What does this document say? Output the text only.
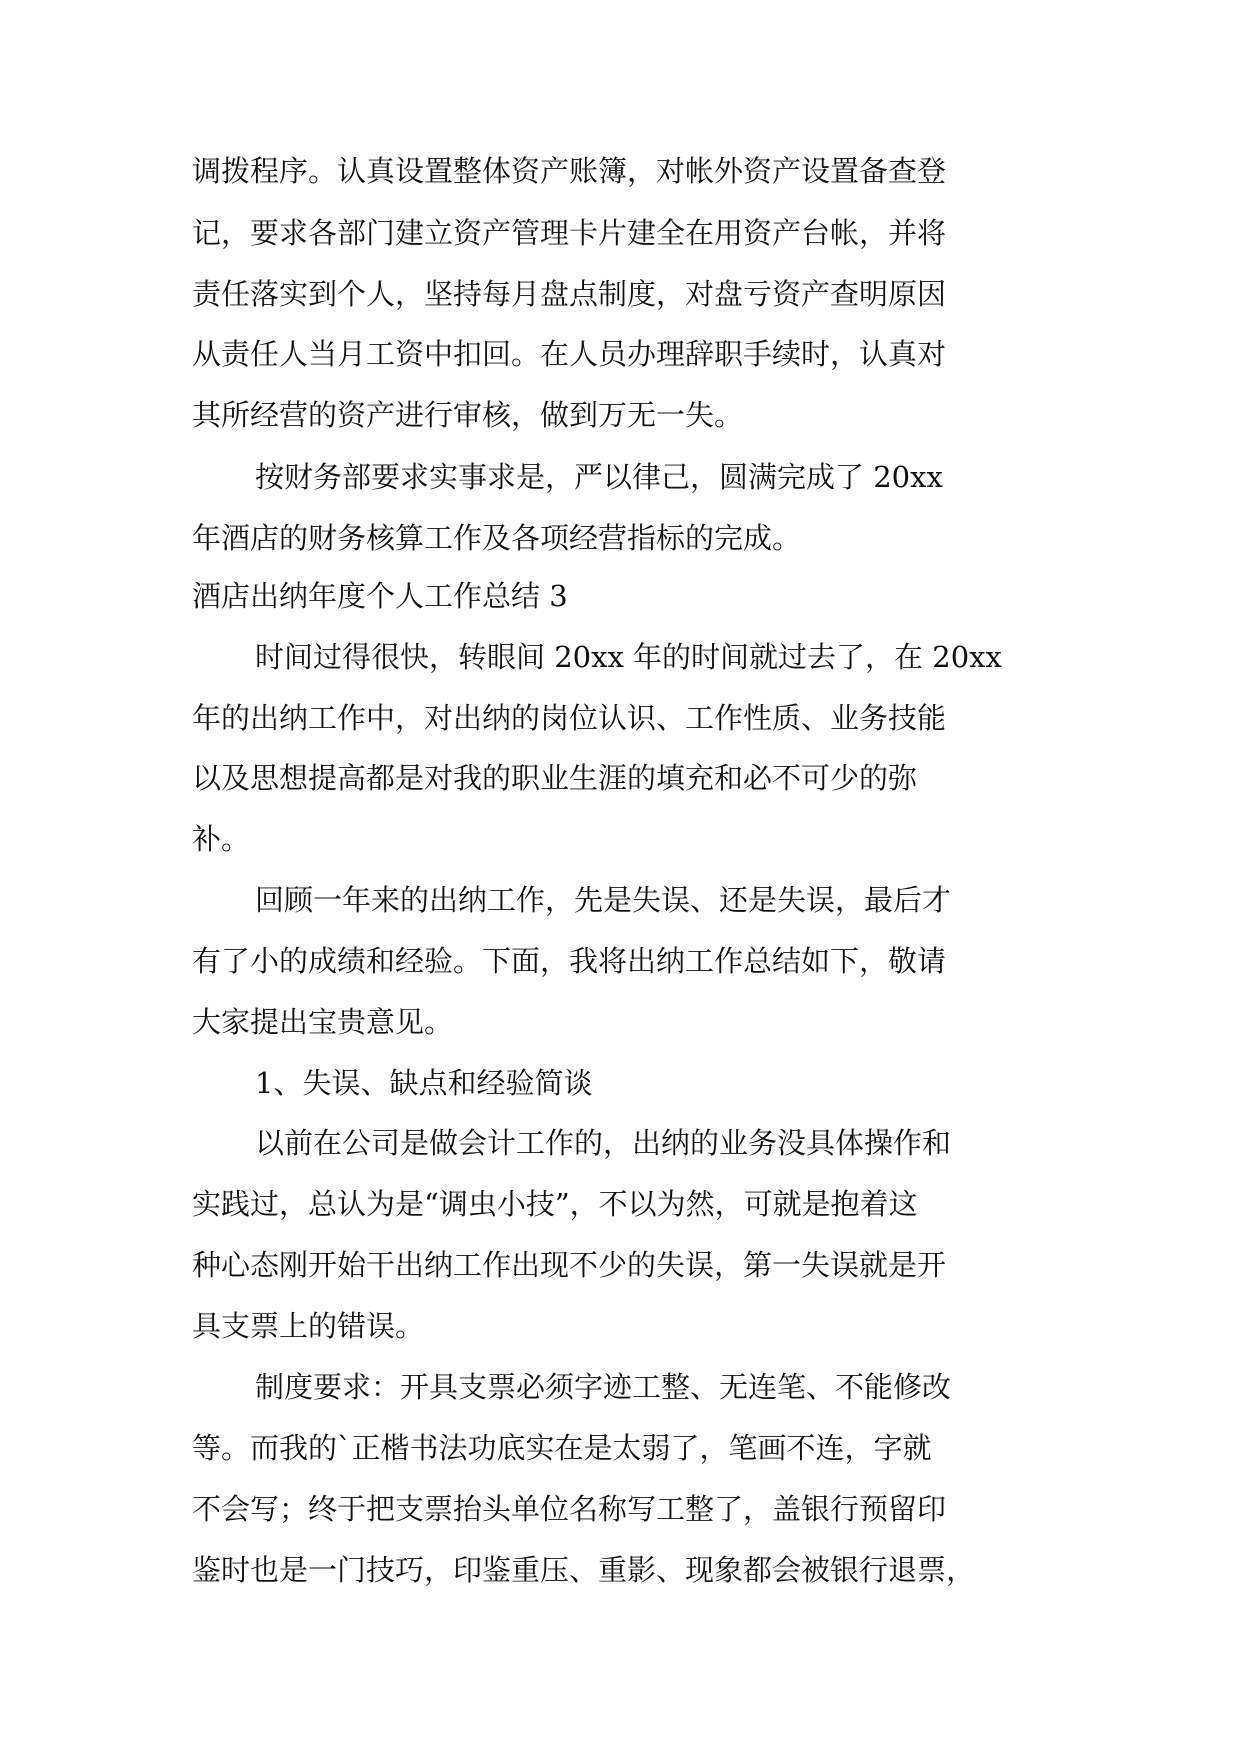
调拨程序。认真设置整体资产账簿，对帐外资产设置备查登
记，要求各部门建立资产管理卡片建全在用资产台帐，并将
责任落实到个人，坚持每月盘点制度，对盘亏资产查明原因
从责任人当月工资中扣回。在人员办理辞职手续时，认真对
其所经营的资产进行审核，做到万无一失。
按财务部要求实事求是，严以律己，圆满完成了 20xx
年酒店的财务核算工作及各项经营指标的完成。
酒店出纳年度个人工作总结 3
时间过得很快，转眼间 20xx 年的时间就过去了，在 20xx
年的出纳工作中，对出纳的岗位认识、工作性质、业务技能
以及思想提高都是对我的职业生涯的填充和必不可少的弥
补。
回顾一年来的出纳工作，先是失误、还是失误，最后才
有了小的成绩和经验。下面，我将出纳工作总结如下，敬请
大家提出宝贵意见。
1、失误、缺点和经验简谈
以前在公司是做会计工作的，出纳的业务没具体操作和
实践过，总认为是“调虫小技”，不以为然，可就是抱着这
种心态刚开始干出纳工作出现不少的失误，第一失误就是开
具支票上的错误。
制度要求：开具支票必须字迹工整、无连笔、不能修改
等。而我的`正楷书法功底实在是太弱了，笔画不连，字就
不会写；终于把支票抬头单位名称写工整了，盖银行预留印
鉴时也是一门技巧，印鉴重压、重影、现象都会被银行退票，
